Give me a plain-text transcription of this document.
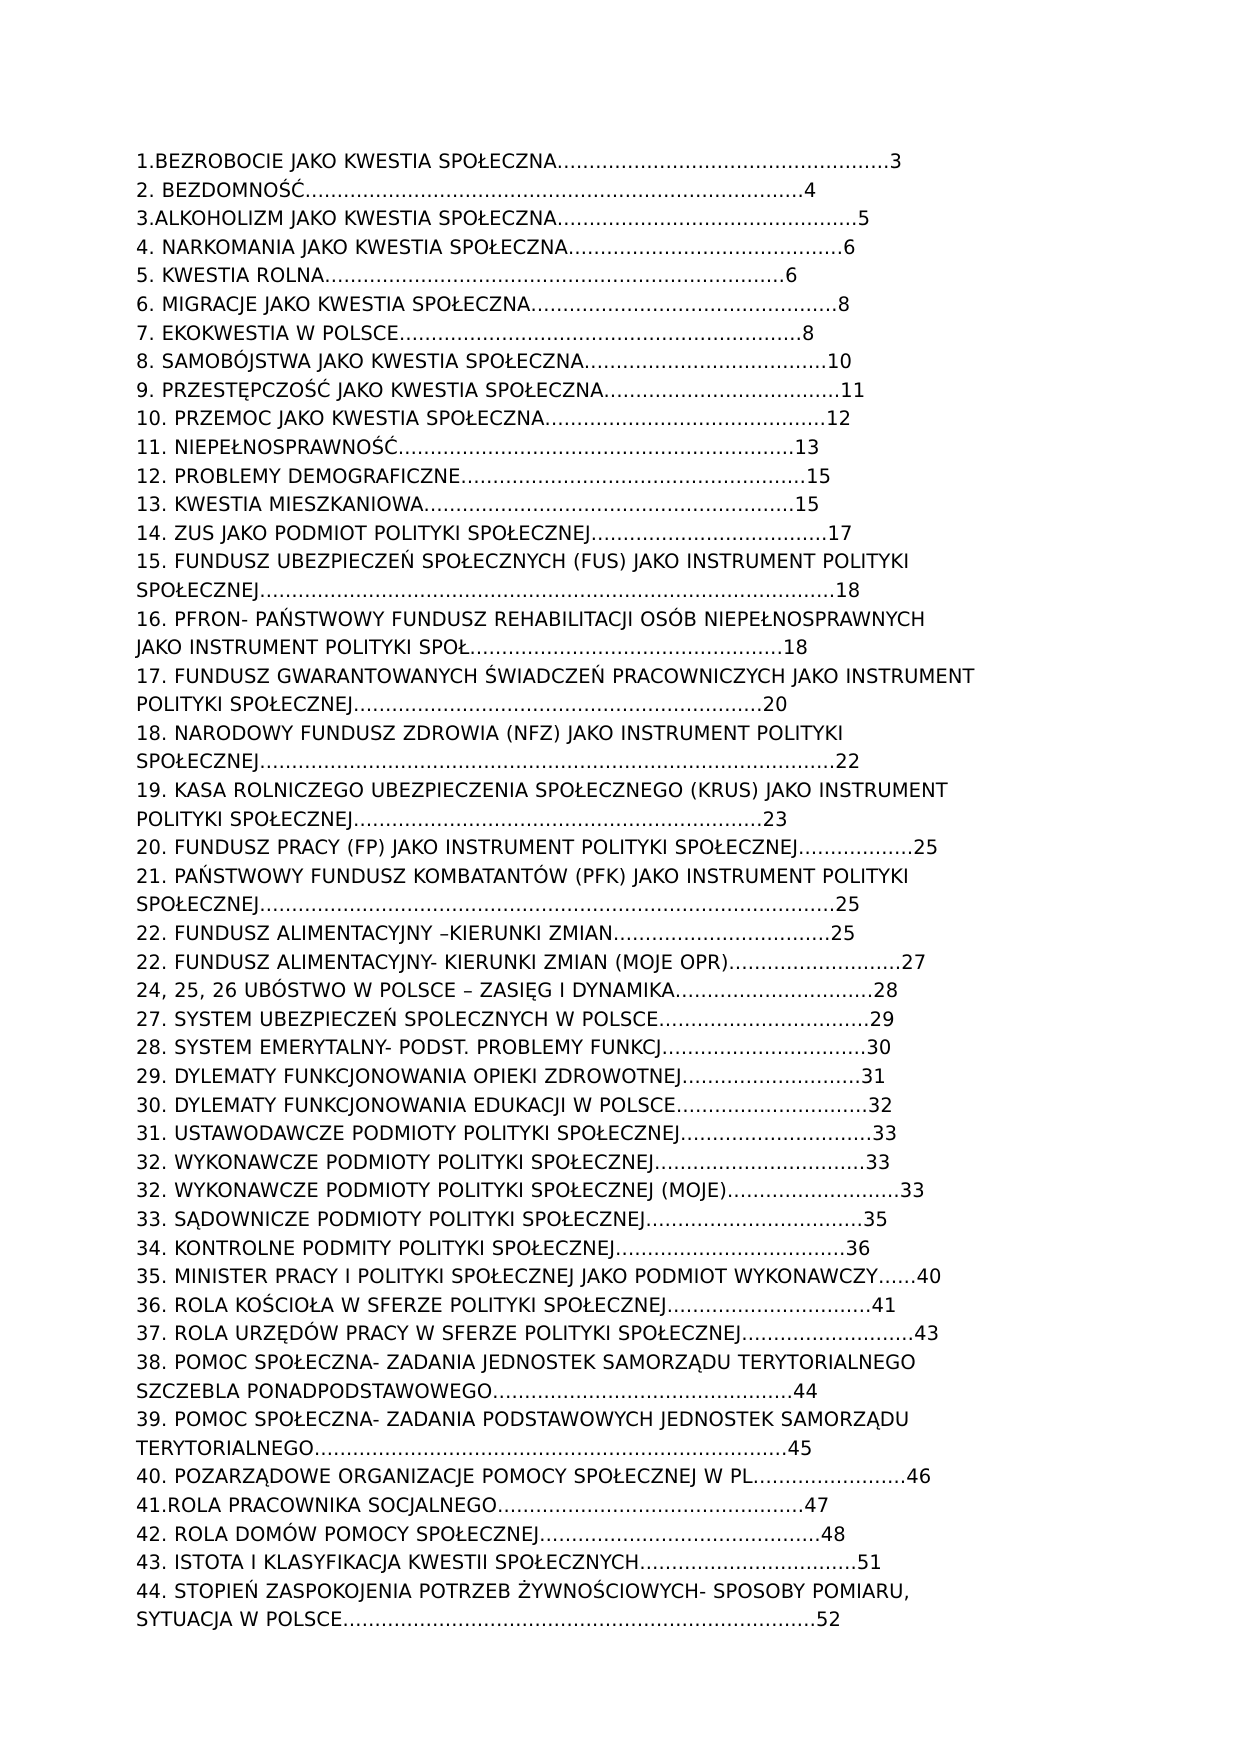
1.BEZROBOCIE JAKO KWESTIA SPOŁECZNA....................................................3
2. BEZDOMNOŚĆ..............................................................................4
3.ALKOHOLIZM JAKO KWESTIA SPOŁECZNA...............................................5
4. NARKOMANIA JAKO KWESTIA SPOŁECZNA...........................................6
5. KWESTIA ROLNA........................................................................6
6. MIGRACJE JAKO KWESTIA SPOŁECZNA................................................8
7. EKOKWESTIA W POLSCE...............................................................8
8. SAMOBÓJSTWA JAKO KWESTIA SPOŁECZNA......................................10
9. PRZESTĘPCZOŚĆ JAKO KWESTIA SPOŁECZNA.....................................11
10. PRZEMOC JAKO KWESTIA SPOŁECZNA............................................12
11. NIEPEŁNOSPRAWNOŚĆ..............................................................13
12. PROBLEMY DEMOGRAFICZNE......................................................15
13. KWESTIA MIESZKANIOWA..........................................................15
14. ZUS JAKO PODMIOT POLITYKI SPOŁECZNEJ.....................................17
15. FUNDUSZ UBEZPIECZEŃ SPOŁECZNYCH (FUS) JAKO INSTRUMENT POLITYKI SPOŁECZNEJ..........................................................................................18
16. PFRON- PAŃSTWOWY FUNDUSZ REHABILITACJI OSÓB NIEPEŁNOSPRAWNYCH JAKO INSTRUMENT POLITYKI SPOŁ.................................................18
17. FUNDUSZ GWARANTOWANYCH ŚWIADCZEŃ PRACOWNICZYCH JAKO INSTRUMENT POLITYKI SPOŁECZNEJ................................................................20
18. NARODOWY FUNDUSZ ZDROWIA (NFZ) JAKO INSTRUMENT POLITYKI SPOŁECZNEJ..........................................................................................22
19. KASA ROLNICZEGO UBEZPIECZENIA SPOŁECZNEGO (KRUS) JAKO INSTRUMENT POLITYKI SPOŁECZNEJ................................................................23
20. FUNDUSZ PRACY (FP) JAKO INSTRUMENT POLITYKI SPOŁECZNEJ..................25
21. PAŃSTWOWY FUNDUSZ KOMBATANTÓW (PFK) JAKO INSTRUMENT POLITYKI SPOŁECZNEJ..........................................................................................25
22. FUNDUSZ ALIMENTACYJNY –KIERUNKI ZMIAN..................................25
22. FUNDUSZ ALIMENTACYJNY- KIERUNKI ZMIAN (MOJE OPR)...........................27
24, 25, 26 UBÓSTWO W POLSCE – ZASIĘG I DYNAMIKA...............................28
27. SYSTEM UBEZPIECZEŃ SPOLECZNYCH W POLSCE.................................29
28. SYSTEM EMERYTALNY- PODST. PROBLEMY FUNKCJ................................30
29. DYLEMATY FUNKCJONOWANIA OPIEKI ZDROWOTNEJ............................31
30. DYLEMATY FUNKCJONOWANIA EDUKACJI W POLSCE..............................32
31. USTAWODAWCZE PODMIOTY POLITYKI SPOŁECZNEJ..............................33
32. WYKONAWCZE PODMIOTY POLITYKI SPOŁECZNEJ.................................33
32. WYKONAWCZE PODMIOTY POLITYKI SPOŁECZNEJ (MOJE)...........................33
33. SĄDOWNICZE PODMIOTY POLITYKI SPOŁECZNEJ..................................35
34. KONTROLNE PODMITY POLITYKI SPOŁECZNEJ....................................36
35. MINISTER PRACY I POLITYKI SPOŁECZNEJ JAKO PODMIOT WYKONAWCZY......40
36. ROLA KOŚCIOŁA W SFERZE POLITYKI SPOŁECZNEJ................................41
37. ROLA URZĘDÓW PRACY W SFERZE POLITYKI SPOŁECZNEJ...........................43
38. POMOC SPOŁECZNA- ZADANIA JEDNOSTEK SAMORZĄDU TERYTORIALNEGO SZCZEBLA PONADPODSTAWOWEGO...............................................44
39. POMOC SPOŁECZNA- ZADANIA PODSTAWOWYCH JEDNOSTEK SAMORZĄDU TERYTORIALNEGO..........................................................................45
40. POZARZĄDOWE ORGANIZACJE POMOCY SPOŁECZNEJ W PL........................46
41.ROLA PRACOWNIKA SOCJALNEGO................................................47
42. ROLA DOMÓW POMOCY SPOŁECZNEJ............................................48
43. ISTOTA I KLASYFIKACJA KWESTII SPOŁECZNYCH..................................51
44. STOPIEŃ ZASPOKOJENIA POTRZEB ŻYWNOŚCIOWYCH- SPOSOBY POMIARU, SYTUACJA W POLSCE..........................................................................52
